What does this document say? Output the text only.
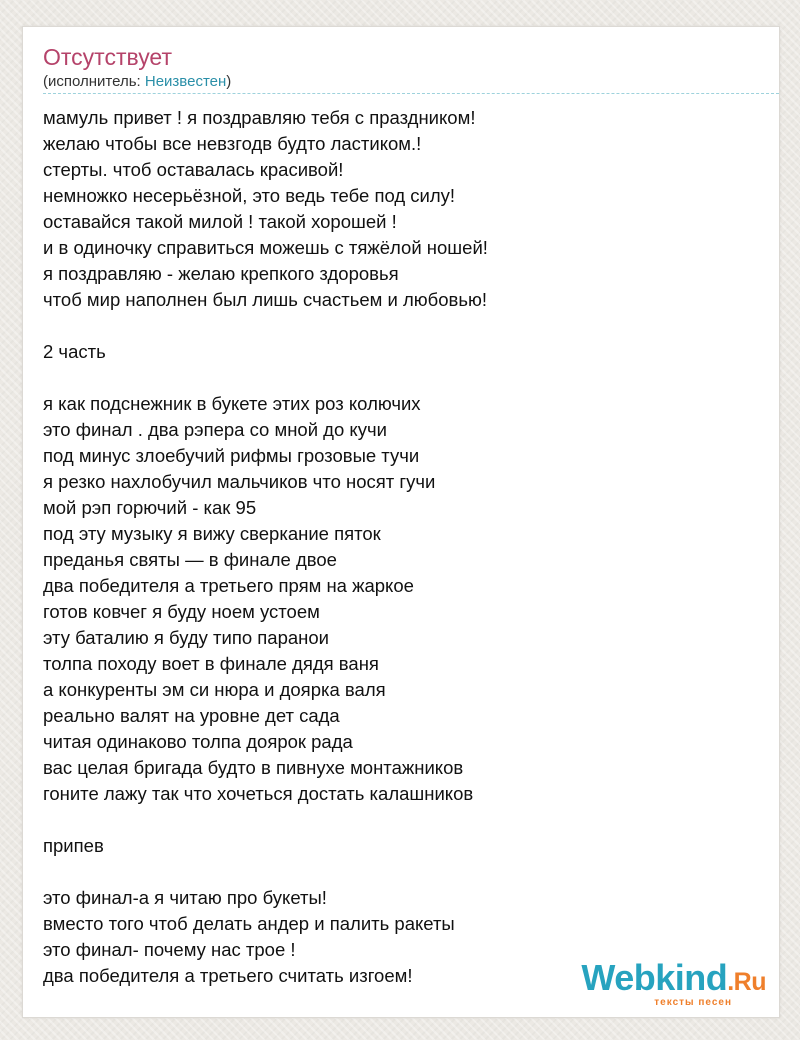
Отсутствует
(исполнитель: Неизвестен)
мамуль привет ! я поздравляю тебя с праздником!
желаю чтобы все невзгодв будто ластиком.!
стерты. чтоб оставалась красивой!
немножко несерьёзной, это ведь тебе под силу!
оставайся такой милой ! такой хорошей !
и в одиночку справиться можешь с тяжёлой ношей!
я поздравляю - желаю крепкого здоровья
чтоб мир наполнен был лишь счастьем и любовью!
2 часть
я как подснежник в букете этих роз колючих
это финал . два рэпера со мной до кучи
под минус злоебучий рифмы грозовые тучи
я резко нахлобучил мальчиков что носят гучи
мой рэп горючий - как 95
под эту музыку я вижу сверкание пяток
преданья святы — в финале двое
два победителя а третьего прям на жаркое
готов ковчег я буду ноем устоем
эту баталию я буду типо паранои
толпа походу воет в финале дядя ваня
а конкуренты эм си нюра и доярка валя
реально валят на уровне дет сада
читая одинаково толпа доярок рада
вас целая бригада будто в пивнухе монтажников
гоните лажу так что хочеться достать калашников
припев
это финал-а я читаю про букеты!
вместо того чтоб делать андер и палить ракеты
это финал- почему нас трое !
два победителя а третьего считать изгоем!	Webkind.Ru
тексты песен
